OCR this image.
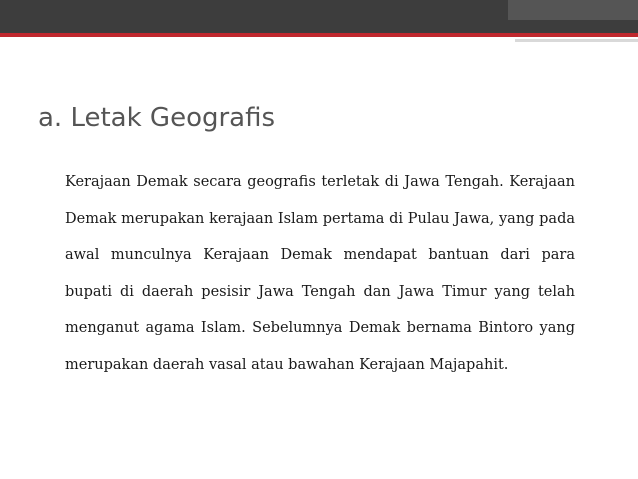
a. Letak Geografis

Kerajaan Demak secara geografis terletak di Jawa Tengah. Kerajaan Demak merupakan kerajaan Islam pertama di Pulau Jawa, yang pada awal munculnya Kerajaan Demak mendapat bantuan dari para bupati di daerah pesisir Jawa Tengah dan Jawa Timur yang telah menganut agama Islam. Sebelumnya Demak bernama Bintoro yang merupakan daerah vasal atau bawahan Kerajaan Majapahit.
